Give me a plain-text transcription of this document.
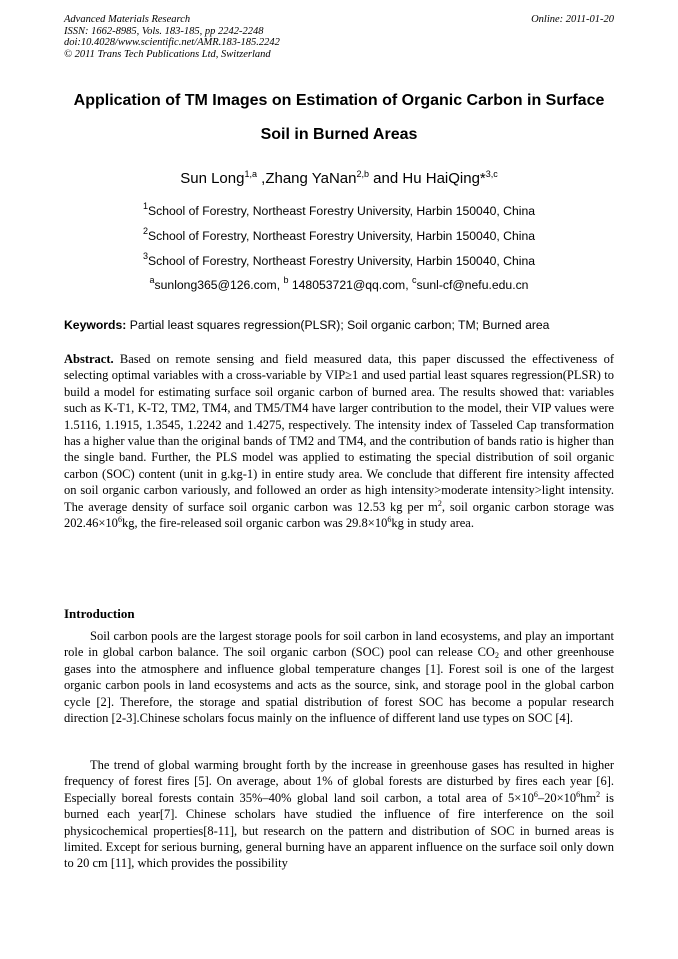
Advanced Materials Research
ISSN: 1662-8985, Vols. 183-185, pp 2242-2248
doi:10.4028/www.scientific.net/AMR.183-185.2242
© 2011 Trans Tech Publications Ltd, Switzerland
Online: 2011-01-20
Application of TM Images on Estimation of Organic Carbon in Surface
Soil in Burned Areas
Sun Long$^{1,a}$ ,Zhang YaNan$^{2,b}$ and Hu HaiQing*$^{3,c}$
$^1$School of Forestry, Northeast Forestry University, Harbin 150040, China
$^2$School of Forestry, Northeast Forestry University, Harbin 150040, China
$^3$School of Forestry, Northeast Forestry University, Harbin 150040, China
$^a$sunlong365@126.com, $^b$ 148053721@qq.com, $^c$sunl-cf@nefu.edu.cn
Keywords: Partial least squares regression(PLSR); Soil organic carbon; TM; Burned area

Abstract. Based on remote sensing and field measured data, this paper discussed the effectiveness of selecting optimal variables with a cross-variable by VIP≥1 and used partial least squares regression(PLSR) to build a model for estimating surface soil organic carbon of burned area. The results showed that: variables such as K-T1, K-T2, TM2, TM4, and TM5/TM4 have larger contribution to the model, their VIP values were 1.5116, 1.1915, 1.3545, 1.2242 and 1.4275, respectively. The intensity index of Tasseled Cap transformation has a higher value than the original bands of TM2 and TM4, and the contribution of bands ratio is higher than the single band. Further, the PLS model was applied to estimating the special distribution of soil organic carbon (SOC) content (unit in g.kg-1) in entire study area. We conclude that different fire intensity affected on soil organic carbon variously, and followed an order as high intensity>moderate intensity>light intensity. The average density of surface soil organic carbon was 12.53 kg per $m^2$, soil organic carbon storage was $202.46\times 10^6kg$, the fire-released soil organic carbon was $29.8\times 10^6kg$ in study area.

Introduction

Soil carbon pools are the largest storage pools for soil carbon in land ecosystems, and play an important role in global carbon balance. The soil organic carbon (SOC) pool can release $CO_2$ and other greenhouse gases into the atmosphere and influence global temperature changes [1]. Forest soil is one of the largest organic carbon pools in land ecosystems and acts as the source, sink, and storage pool in the global carbon cycle [2]. Therefore, the storage and spatial distribution of forest SOC has become a popular research direction [2-3].Chinese scholars focus mainly on the influence of different land use types on SOC [4].

The trend of global warming brought forth by the increase in greenhouse gases has resulted in higher frequency of forest fires [5]. On average, about 1% of global forests are disturbed by fires each year [6]. Especially boreal forests contain 35%–40% global land soil carbon, a total area of $5\times 10^6-20\times 10^6hm^2$ is burned each year[7]. Chinese scholars have studied the influence of fire interference on the soil physicochemical properties[8-11], but research on the pattern and distribution of SOC in burned areas is limited. Except for serious burning, general burning have an apparent influence on the surface soil only down to 20 cm [11], which provides the possibility
